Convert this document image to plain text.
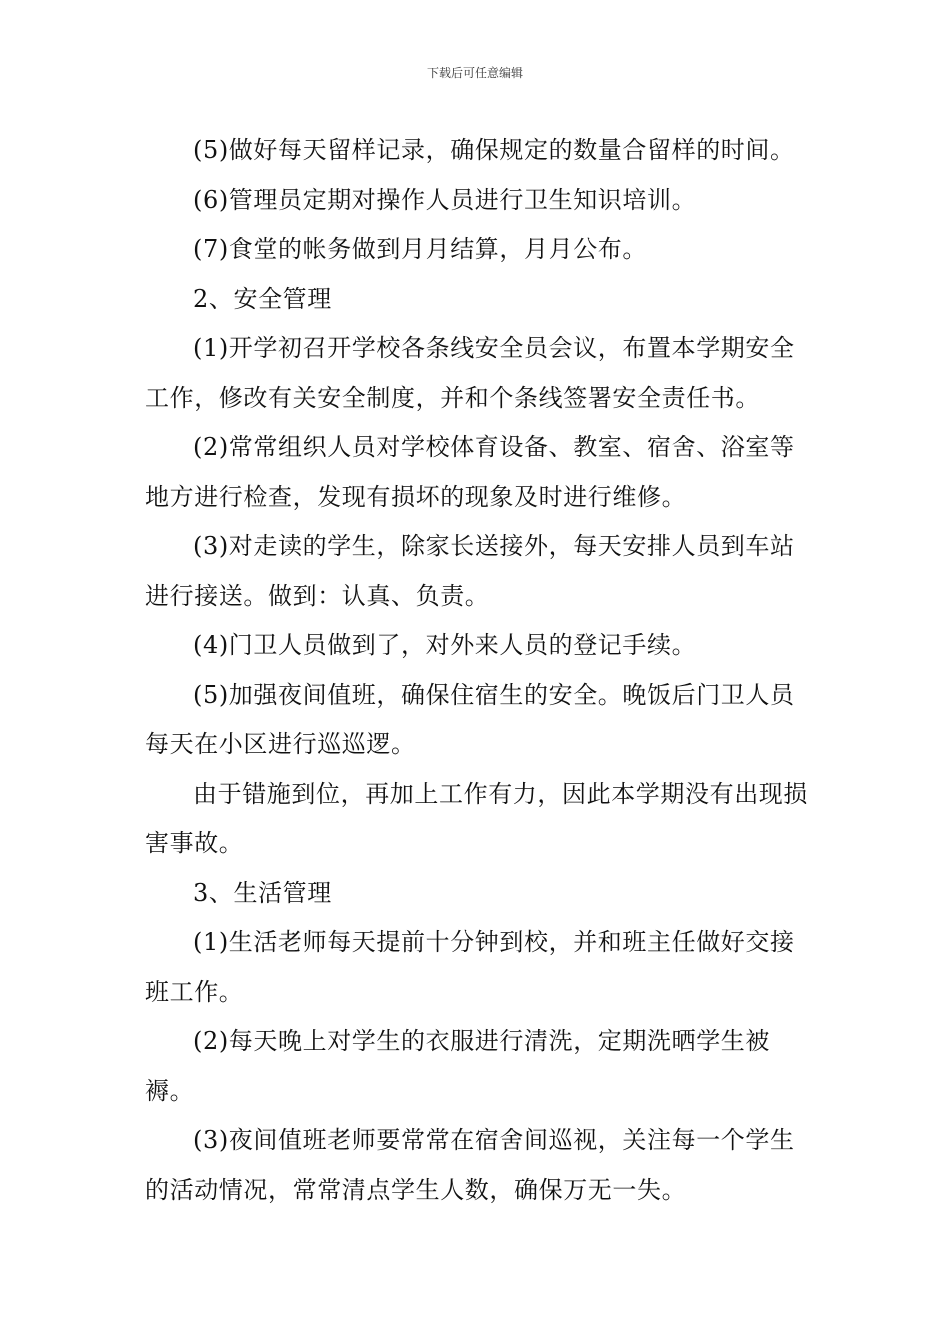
下载后可任意编辑

(5)做好每天留样记录，确保规定的数量合留样的时间。

(6)管理员定期对操作人员进行卫生知识培训。

(7)食堂的帐务做到月月结算，月月公布。

2、安全管理

(1)开学初召开学校各条线安全员会议，布置本学期安全工作，修改有关安全制度，并和个条线签署安全责任书。

(2)常常组织人员对学校体育设备、教室、宿舍、浴室等地方进行检查，发现有损坏的现象及时进行维修。

(3)对走读的学生，除家长送接外，每天安排人员到车站进行接送。做到：认真、负责。

(4)门卫人员做到了，对外来人员的登记手续。

(5)加强夜间值班，确保住宿生的安全。晚饭后门卫人员每天在小区进行巡巡逻。

由于错施到位，再加上工作有力，因此本学期没有出现损害事故。

3、生活管理

(1)生活老师每天提前十分钟到校，并和班主任做好交接班工作。

(2)每天晚上对学生的衣服进行清洗，定期洗晒学生被褥。

(3)夜间值班老师要常常在宿舍间巡视，关注每一个学生的活动情况，常常清点学生人数，确保万无一失。
